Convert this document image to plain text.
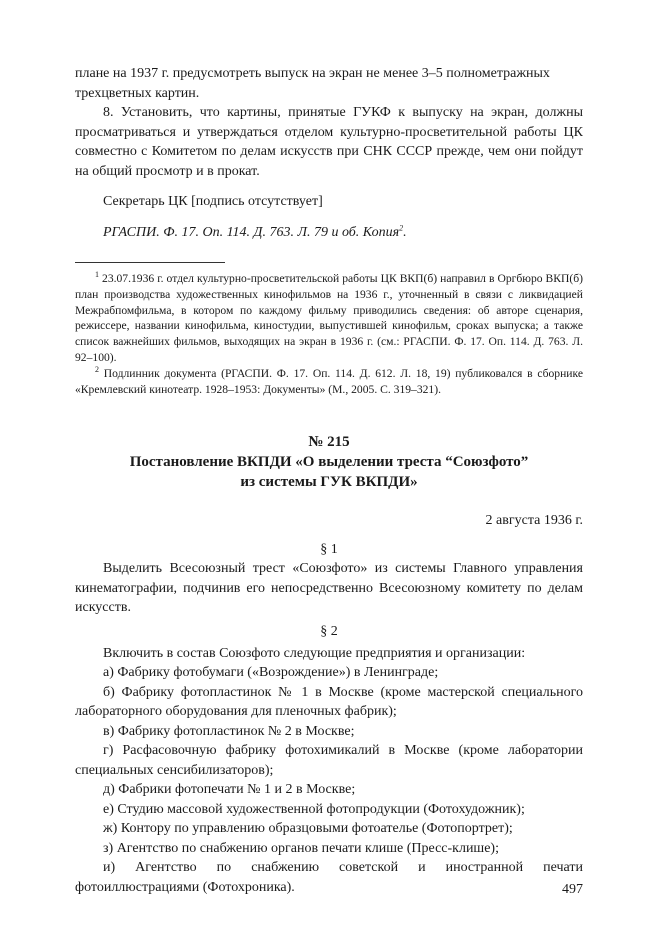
плане на 1937 г. предусмотреть выпуск на экран не менее 3–5 полнометражных
трехцветных картин.
8. Установить, что картины, принятые ГУКФ к выпуску на экран, должны просматриваться и утверждаться отделом культурно-просветительной работы ЦК совместно с Комитетом по делам искусств при СНК СССР прежде, чем они пойдут на общий просмотр и в прокат.
Секретарь ЦК [подпись отсутствует]
РГАСПИ. Ф. 17. Оп. 114. Д. 763. Л. 79 и об. Копия$^2$.
$^1$ 23.07.1936 г. отдел культурно-просветительской работы ЦК ВКП(б) направил в Оргбюро ВКП(б) план производства художественных кинофильмов на 1936 г., уточненный в связи с ликвидацией Межрабпомфильма, в котором по каждому фильму приводились сведения: об авторе сценария, режиссере, названии кинофильма, киностудии, выпустившей кинофильм, сроках выпуска; а также список важнейших фильмов, выходящих на экран в 1936 г. (см.: РГАСПИ. Ф. 17. Оп. 114. Д. 763. Л. 92–100).
$^2$ Подлинник документа (РГАСПИ. Ф. 17. Оп. 114. Д. 612. Л. 18, 19) публиковался в сборнике «Кремлевский кинотеатр. 1928–1953: Документы» (М., 2005. С. 319–321).
№ 215
Постановление ВКПДИ «О выделении треста “Союзфото”
из системы ГУК ВКПДИ»
2 августа 1936 г.
§ 1
Выделить Всесоюзный трест «Союзфото» из системы Главного управления кинематографии, подчинив его непосредственно Всесоюзному комитету по делам искусств.
§ 2
Включить в состав Союзфото следующие предприятия и организации:
а) Фабрику фотобумаги («Возрождение») в Ленинграде;
б) Фабрику фотопластинок № 1 в Москве (кроме мастерской специального лабораторного оборудования для пленочных фабрик);
в) Фабрику фотопластинок № 2 в Москве;
г) Расфасовочную фабрику фотохимикалий в Москве (кроме лаборатории специальных сенсибилизаторов);
д) Фабрики фотопечати № 1 и 2 в Москве;
е) Студию массовой художественной фотопродукции (Фотохудожник);
ж) Контору по управлению образцовыми фотоателье (Фотопортрет);
з) Агентство по снабжению органов печати клише (Пресс-клише);
и) Агентство по снабжению советской и иностранной печати фотоиллюстрациями (Фотохроника).	497
